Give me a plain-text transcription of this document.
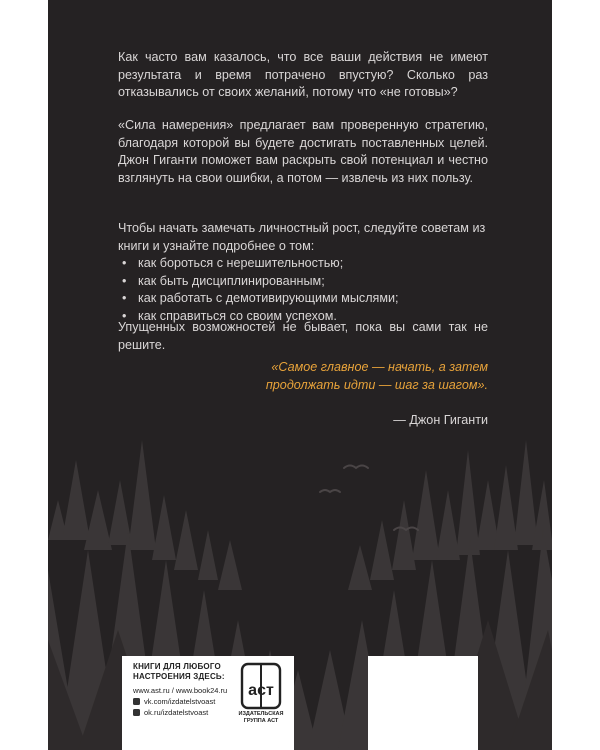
Как часто вам казалось, что все ваши действия не имеют результата и время потрачено впустую? Сколько раз отказывались от своих желаний, потому что «не готовы»?
«Сила намерения» предлагает вам проверенную стратегию, благодаря которой вы будете достигать поставленных целей. Джон Гиганти поможет вам раскрыть свой потенциал и честно взглянуть на свои ошибки, а потом — извлечь из них пользу.
Чтобы начать замечать личностный рост, следуйте советам из книги и узнайте подробнее о том:
• как бороться с нерешительностью;
• как быть дисциплинированным;
• как работать с демотивирующими мыслями;
• как справиться со своим успехом.
Упущенных возможностей не бывает, пока вы сами так не решите.
«Самое главное — начать, а затем
продолжать идти — шаг за шагом».
— Джон Гиганти
КНИГИ ДЛЯ ЛЮБОГО
НАСТРОЕНИЯ ЗДЕСЬ:
www.ast.ru / www.book24.ru
vk.com/izdatelstvoast
ok.ru/izdatelstvoast
аст
ИЗДАТЕЛЬСКАЯ
ГРУППА АСТ
